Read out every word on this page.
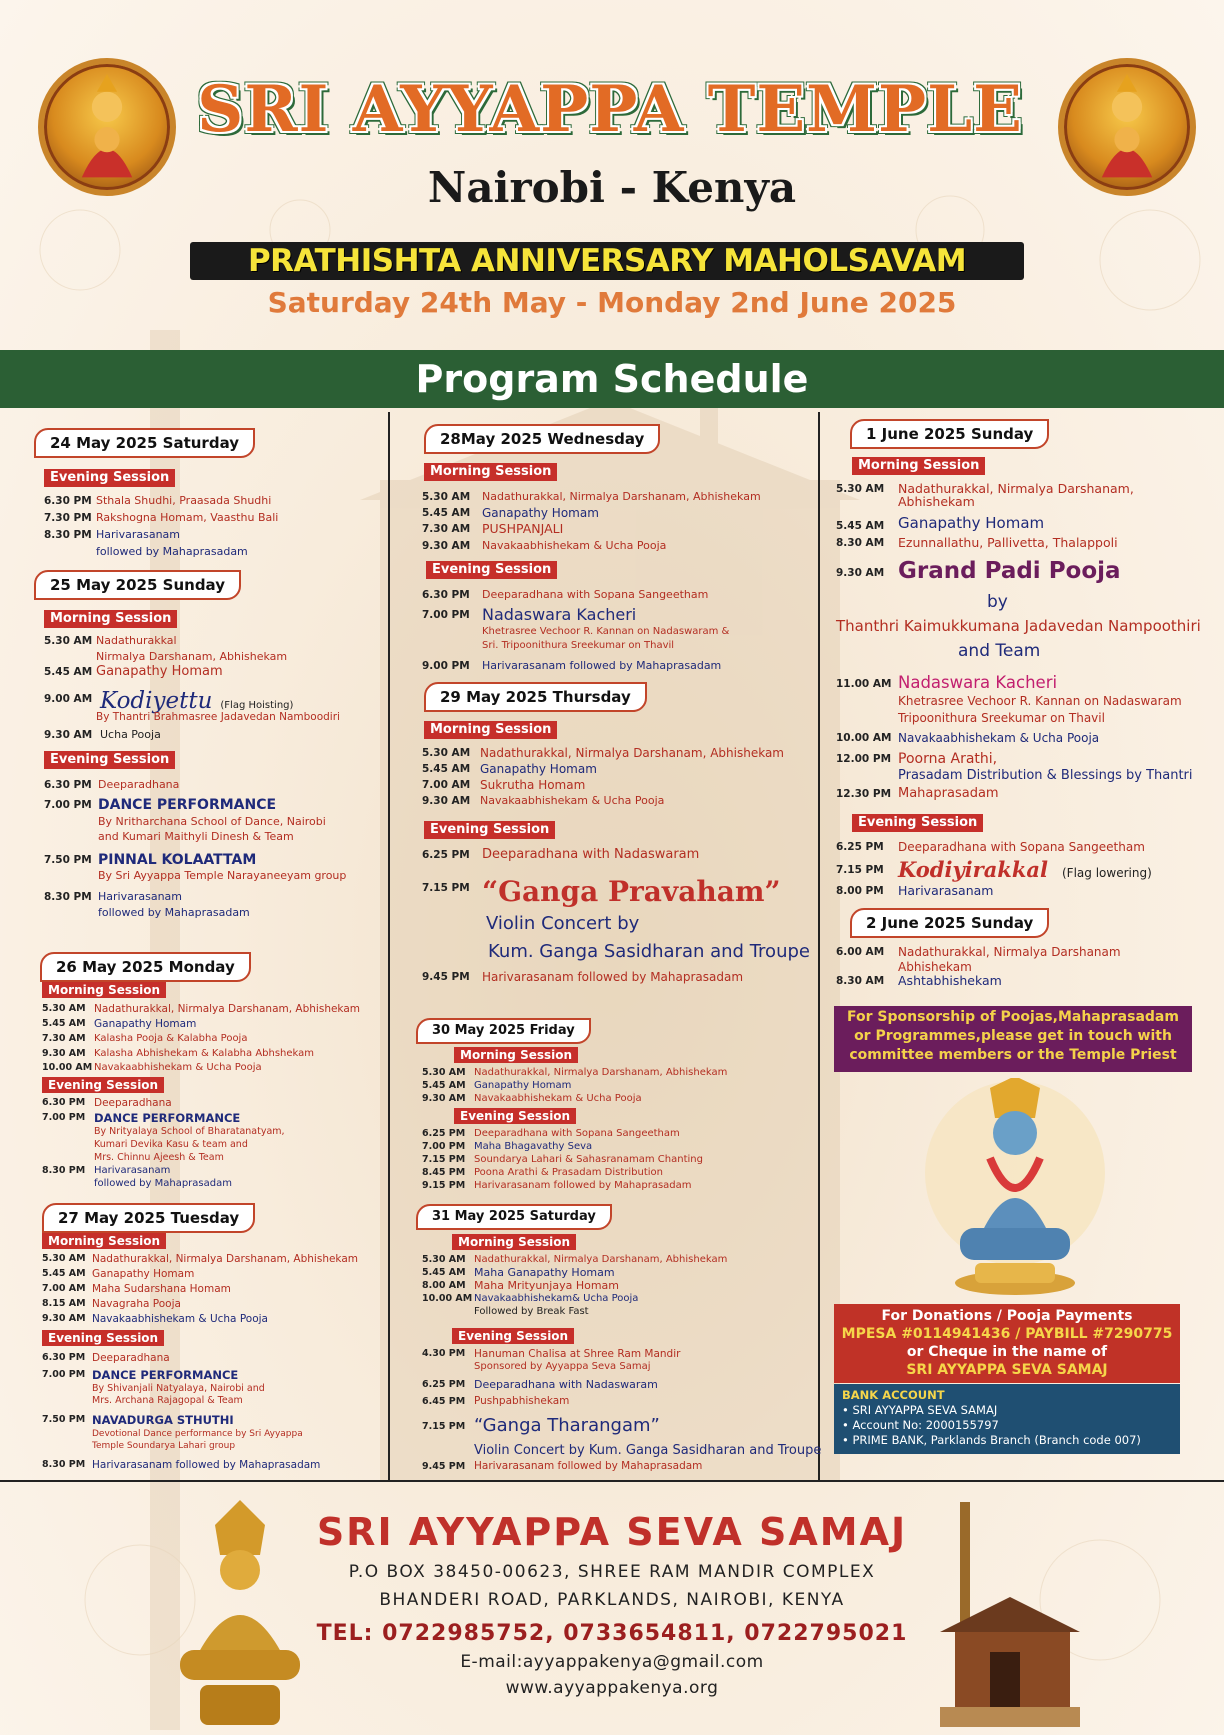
SRI AYYAPPA TEMPLE
Nairobi - Kenya
PRATHISHTA ANNIVERSARY MAHOLSAVAM
Saturday 24th May - Monday 2nd June 2025
Program Schedule
24 May 2025 Saturday
Evening Session
6.30 PM Sthala Shudhi, Praasada Shudhi
7.30 PM Rakshogna Homam, Vaasthu Bali
8.30 PM Harivarasanam
followed by Mahaprasadam
25 May 2025 Sunday
Morning Session
5.30 AM Nadathurakkal
Nirmalya Darshanam, Abhishekam
5.45 AM Ganapathy Homam
9.00 AM Kodiyettu (Flag Hoisting)
By Thantri Brahmasree Jadavedan Namboodiri
9.30 AM Ucha Pooja
Evening Session
6.30 PM Deeparadhana
7.00 PM DANCE PERFORMANCE
By Nritharchana School of Dance, Nairobi
and Kumari Maithyli Dinesh & Team
7.50 PM PINNAL KOLAATTAM
By Sri Ayyappa Temple Narayaneeyam group
8.30 PM Harivarasanam
followed by Mahaprasadam
26 May 2025 Monday
Morning Session
5.30 AM Nadathurakkal, Nirmalya Darshanam, Abhishekam
5.45 AM Ganapathy Homam
7.30 AM Kalasha Pooja & Kalabha Pooja
9.30 AM Kalasha Abhishekam & Kalabha Abhshekam
10.00 AM Navakaabhishekam & Ucha Pooja
Evening Session
6.30 PM Deeparadhana
7.00 PM DANCE PERFORMANCE
By Nrityalaya School of Bharatanatyam,
Kumari Devika Kasu & team and
Mrs. Chinnu Ajeesh & Team
8.30 PM Harivarasanam
followed by Mahaprasadam
27 May 2025 Tuesday
Morning Session
5.30 AM Nadathurakkal, Nirmalya Darshanam, Abhishekam
5.45 AM Ganapathy Homam
7.00 AM Maha Sudarshana Homam
8.15 AM Navagraha Pooja
9.30 AM Navakaabhishekam & Ucha Pooja
Evening Session
6.30 PM Deeparadhana
7.00 PM DANCE PERFORMANCE
By Shivanjali Natyalaya, Nairobi and
Mrs. Archana Rajagopal & Team
7.50 PM NAVADURGA STHUTHI
Devotional Dance performance by Sri Ayyappa
Temple Soundarya Lahari group
8.30 PM Harivarasanam followed by Mahaprasadam
28May 2025 Wednesday
Morning Session
5.30 AM Nadathurakkal, Nirmalya Darshanam, Abhishekam
5.45 AM Ganapathy Homam
7.30 AM PUSHPANJALI
9.30 AM Navakaabhishekam & Ucha Pooja
Evening Session
6.30 PM Deeparadhana with Sopana Sangeetham
7.00 PM Nadaswara Kacheri
Khetrasree Vechoor R. Kannan on Nadaswaram &
Sri. Tripoonithura Sreekumar on Thavil
9.00 PM Harivarasanam followed by Mahaprasadam
29 May 2025 Thursday
Morning Session
5.30 AM Nadathurakkal, Nirmalya Darshanam, Abhishekam
5.45 AM Ganapathy Homam
7.00 AM Sukrutha Homam
9.30 AM Navakaabhishekam & Ucha Pooja
Evening Session
6.25 PM Deeparadhana with Nadaswaram
7.15 PM “Ganga Pravaham”
Violin Concert by
Kum. Ganga Sasidharan and Troupe
9.45 PM Harivarasanam followed by Mahaprasadam
30 May 2025 Friday
Morning Session
5.30 AM Nadathurakkal, Nirmalya Darshanam, Abhishekam
5.45 AM Ganapathy Homam
9.30 AM Navakaabhishekam & Ucha Pooja
Evening Session
6.25 PM Deeparadhana with Sopana Sangeetham
7.00 PM Maha Bhagavathy Seva
7.15 PM Soundarya Lahari & Sahasranamam Chanting
8.45 PM Poona Arathi & Prasadam Distribution
9.15 PM Harivarasanam followed by Mahaprasadam
31 May 2025 Saturday
Morning Session
5.30 AM Nadathurakkal, Nirmalya Darshanam, Abhishekam
5.45 AM Maha Ganapathy Homam
8.00 AM Maha Mrityunjaya Homam
10.00 AM Navakaabhishekam& Ucha Pooja
Followed by Break Fast
Evening Session
4.30 PM Hanuman Chalisa at Shree Ram Mandir
Sponsored by Ayyappa Seva Samaj
6.25 PM Deeparadhana with Nadaswaram
6.45 PM Pushpabhishekam
7.15 PM “Ganga Tharangam”
Violin Concert by Kum. Ganga Sasidharan and Troupe
9.45 PM Harivarasanam followed by Mahaprasadam
1 June 2025 Sunday
Morning Session
5.30 AM Nadathurakkal, Nirmalya Darshanam,
Abhishekam
5.45 AM Ganapathy Homam
8.30 AM Ezunnallathu, Pallivetta, Thalappoli
9.30 AM Grand Padi Pooja
by
Thanthri Kaimukkumana Jadavedan Nampoothiri
and Team
11.00 AM Nadaswara Kacheri
Khetrasree Vechoor R. Kannan on Nadaswaram
Tripoonithura Sreekumar on Thavil
10.00 AM Navakaabhishekam & Ucha Pooja
12.00 PM Poorna Arathi,
Prasadam Distribution & Blessings by Thantri
12.30 PM Mahaprasadam
Evening Session
6.25 PM Deeparadhana with Sopana Sangeetham
7.15 PM Kodiyirakkal (Flag lowering)
8.00 PM Harivarasanam
2 June 2025 Sunday
6.00 AM Nadathurakkal, Nirmalya Darshanam
Abhishekam
8.30 AM Ashtabhishekam
For Sponsorship of Poojas,Mahaprasadam
or Programmes,please get in touch with
committee members or the Temple Priest
For Donations / Pooja Payments
MPESA #0114941436 / PAYBILL #7290775
or Cheque in the name of
SRI AYYAPPA SEVA SAMAJ
BANK ACCOUNT
• SRI AYYAPPA SEVA SAMAJ
• Account No: 2000155797
• PRIME BANK, Parklands Branch (Branch code 007)
SRI AYYAPPA SEVA SAMAJ
P.O BOX 38450-00623, SHREE RAM MANDIR COMPLEX
BHANDERI ROAD, PARKLANDS, NAIROBI, KENYA
TEL: 0722985752, 0733654811, 0722795021
E-mail:ayyappakenya@gmail.com
www.ayyappakenya.org
